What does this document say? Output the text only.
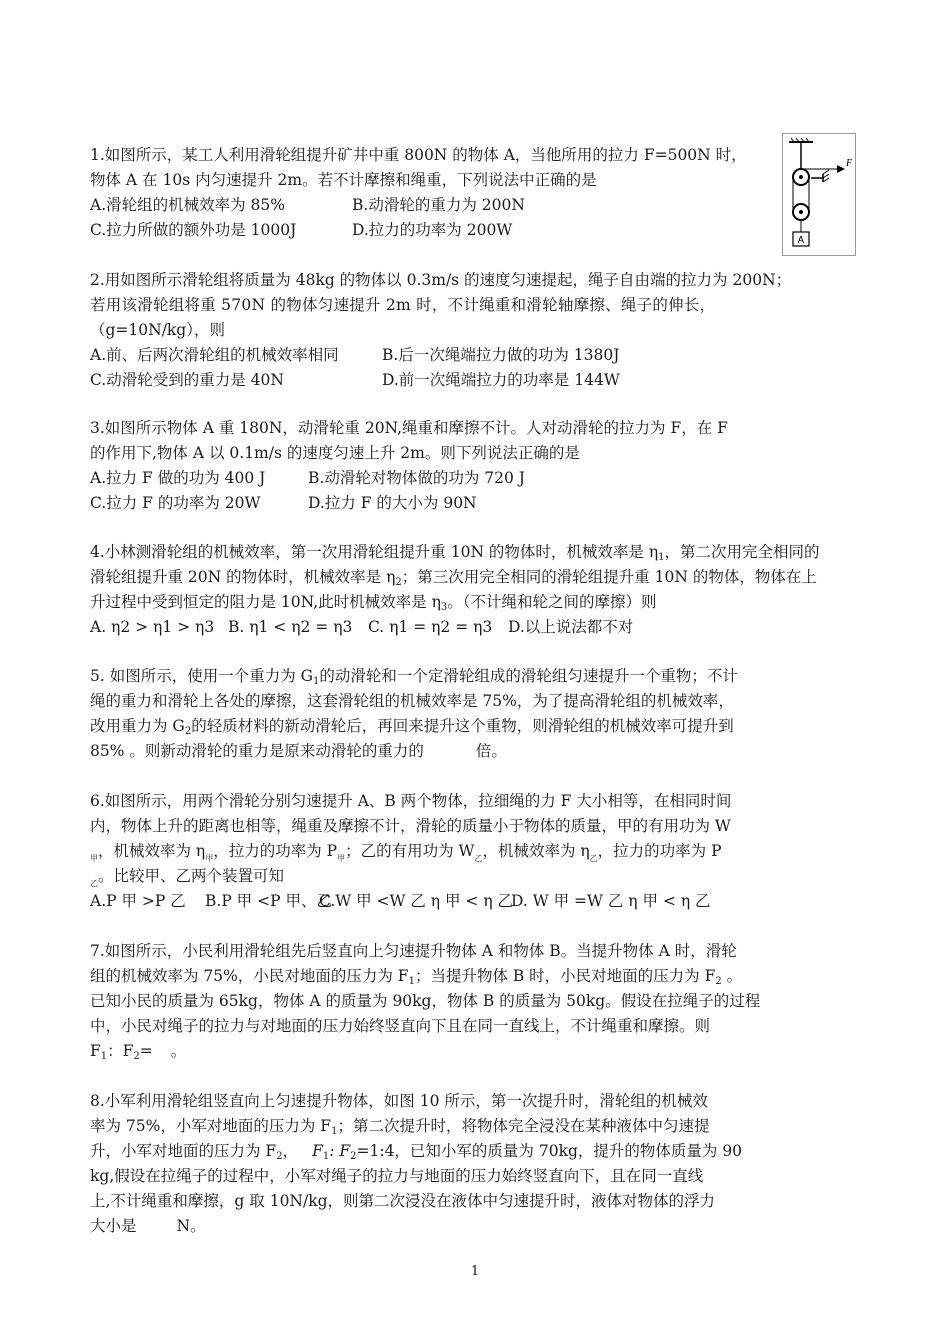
1.如图所示，某工人利用滑轮组提升矿井中重 800N 的物体 A，当他所用的拉力 F=500N 时，
物体 A 在 10s 内匀速提升 2m。若不计摩擦和绳重，下列说法中正确的是
A.滑轮组的机械效率为 85%	B.动滑轮的重力为 200N
C.拉力所做的额外功是 1000J	D.拉力的功率为 200W
F
A
2.用如图所示滑轮组将质量为 48kg 的物体以 0.3m/s 的速度匀速提起，绳子自由端的拉力为 200N；
若用该滑轮组将重 570N 的物体匀速提升 2m 时，不计绳重和滑轮轴摩擦、绳子的伸长，
（g=10N/kg），则
A.前、后两次滑轮组的机械效率相同	B.后一次绳端拉力做的功为 1380J
C.动滑轮受到的重力是 40N	D.前一次绳端拉力的功率是 144W
3.如图所示物体 A 重 180N，动滑轮重 20N,绳重和摩擦不计。人对动滑轮的拉力为 F，在 F
的作用下,物体 A 以 0.1m/s 的速度匀速上升 2m。则下列说法正确的是
A.拉力 F 做的功为 400 J	B.动滑轮对物体做的功为 720 J
C.拉力 F 的功率为 20W	D.拉力 F 的大小为 90N
4.小林测滑轮组的机械效率，第一次用滑轮组提升重 10N 的物体时，机械效率是 $\eta_1$，第二次用完全相同的
滑轮组提升重 20N 的物体时，机械效率是 $\eta_2$；第三次用完全相同的滑轮组提升重 10N 的物体，物体在上
升过程中受到恒定的阻力是 10N,此时机械效率是 $\eta_3$。（不计绳和轮之间的摩擦）则
A. η2 > η1 > η3 B. η1 < η2 = η3 C. η1 = η2 = η3 D.以上说法都不对
5. 如图所示，使用一个重力为 $G_1$的动滑轮和一个定滑轮组成的滑轮组匀速提升一个重物；不计
绳的重力和滑轮上各处的摩擦，这套滑轮组的机械效率是 75%，为了提高滑轮组的机械效率，
改用重力为 $G_2$的轻质材料的新动滑轮后，再回来提升这个重物，则滑轮组的机械效率可提升到
85% 。则新动滑轮的重力是原来动滑轮的重力的	倍。
6.如图所示，用两个滑轮分别匀速提升 A、B 两个物体，拉细绳的力 F 大小相等，在相同时间
内，物体上升的距离也相等，绳重及摩擦不计，滑轮的质量小于物体的质量，甲的有用功为 W
$_甲$，机械效率为 $\eta_甲$，拉力的功率为 $P_甲$；乙的有用功为 $W_乙$，机械效率为 $\eta_乙$，拉力的功率为 P
$_乙$。比较甲、乙两个装置可知
A.P 甲 >P 乙 B.P 甲 <P 甲、乙C.W 甲 <W 乙 η 甲 < η 乙D. W 甲 =W 乙 η 甲 < η 乙
7.如图所示，小民利用滑轮组先后竖直向上匀速提升物体 A 和物体 B。当提升物体 A 时，滑轮
组的机械效率为 75%，小民对地面的压力为 $F_1$；当提升物体 B 时，小民对地面的压力为 $F_2$ 。
已知小民的质量为 65kg，物体 A 的质量为 90kg，物体 B 的质量为 50kg。假设在拉绳子的过程
中，小民对绳子的拉力与对地面的压力始终竖直向下且在同一直线上，不计绳重和摩擦。则
$F_1$：$F_2=$ 。
8.小军利用滑轮组竖直向上匀速提升物体，如图 10 所示，第一次提升时，滑轮组的机械效
率为 75%，小军对地面的压力为 $F_1$；第二次提升时，将物体完全浸没在某种液体中匀速提
升，小军对地面的压力为 $F_2$， $F_1$: $F_2=1:4$，已知小军的质量为 70kg，提升的物体质量为 90
kg,假设在拉绳子的过程中，小军对绳子的拉力与地面的压力始终竖直向下，且在同一直线
上,不计绳重和摩擦，g 取 10N/kg，则第二次浸没在液体中匀速提升时，液体对物体的浮力
大小是	N。
1
